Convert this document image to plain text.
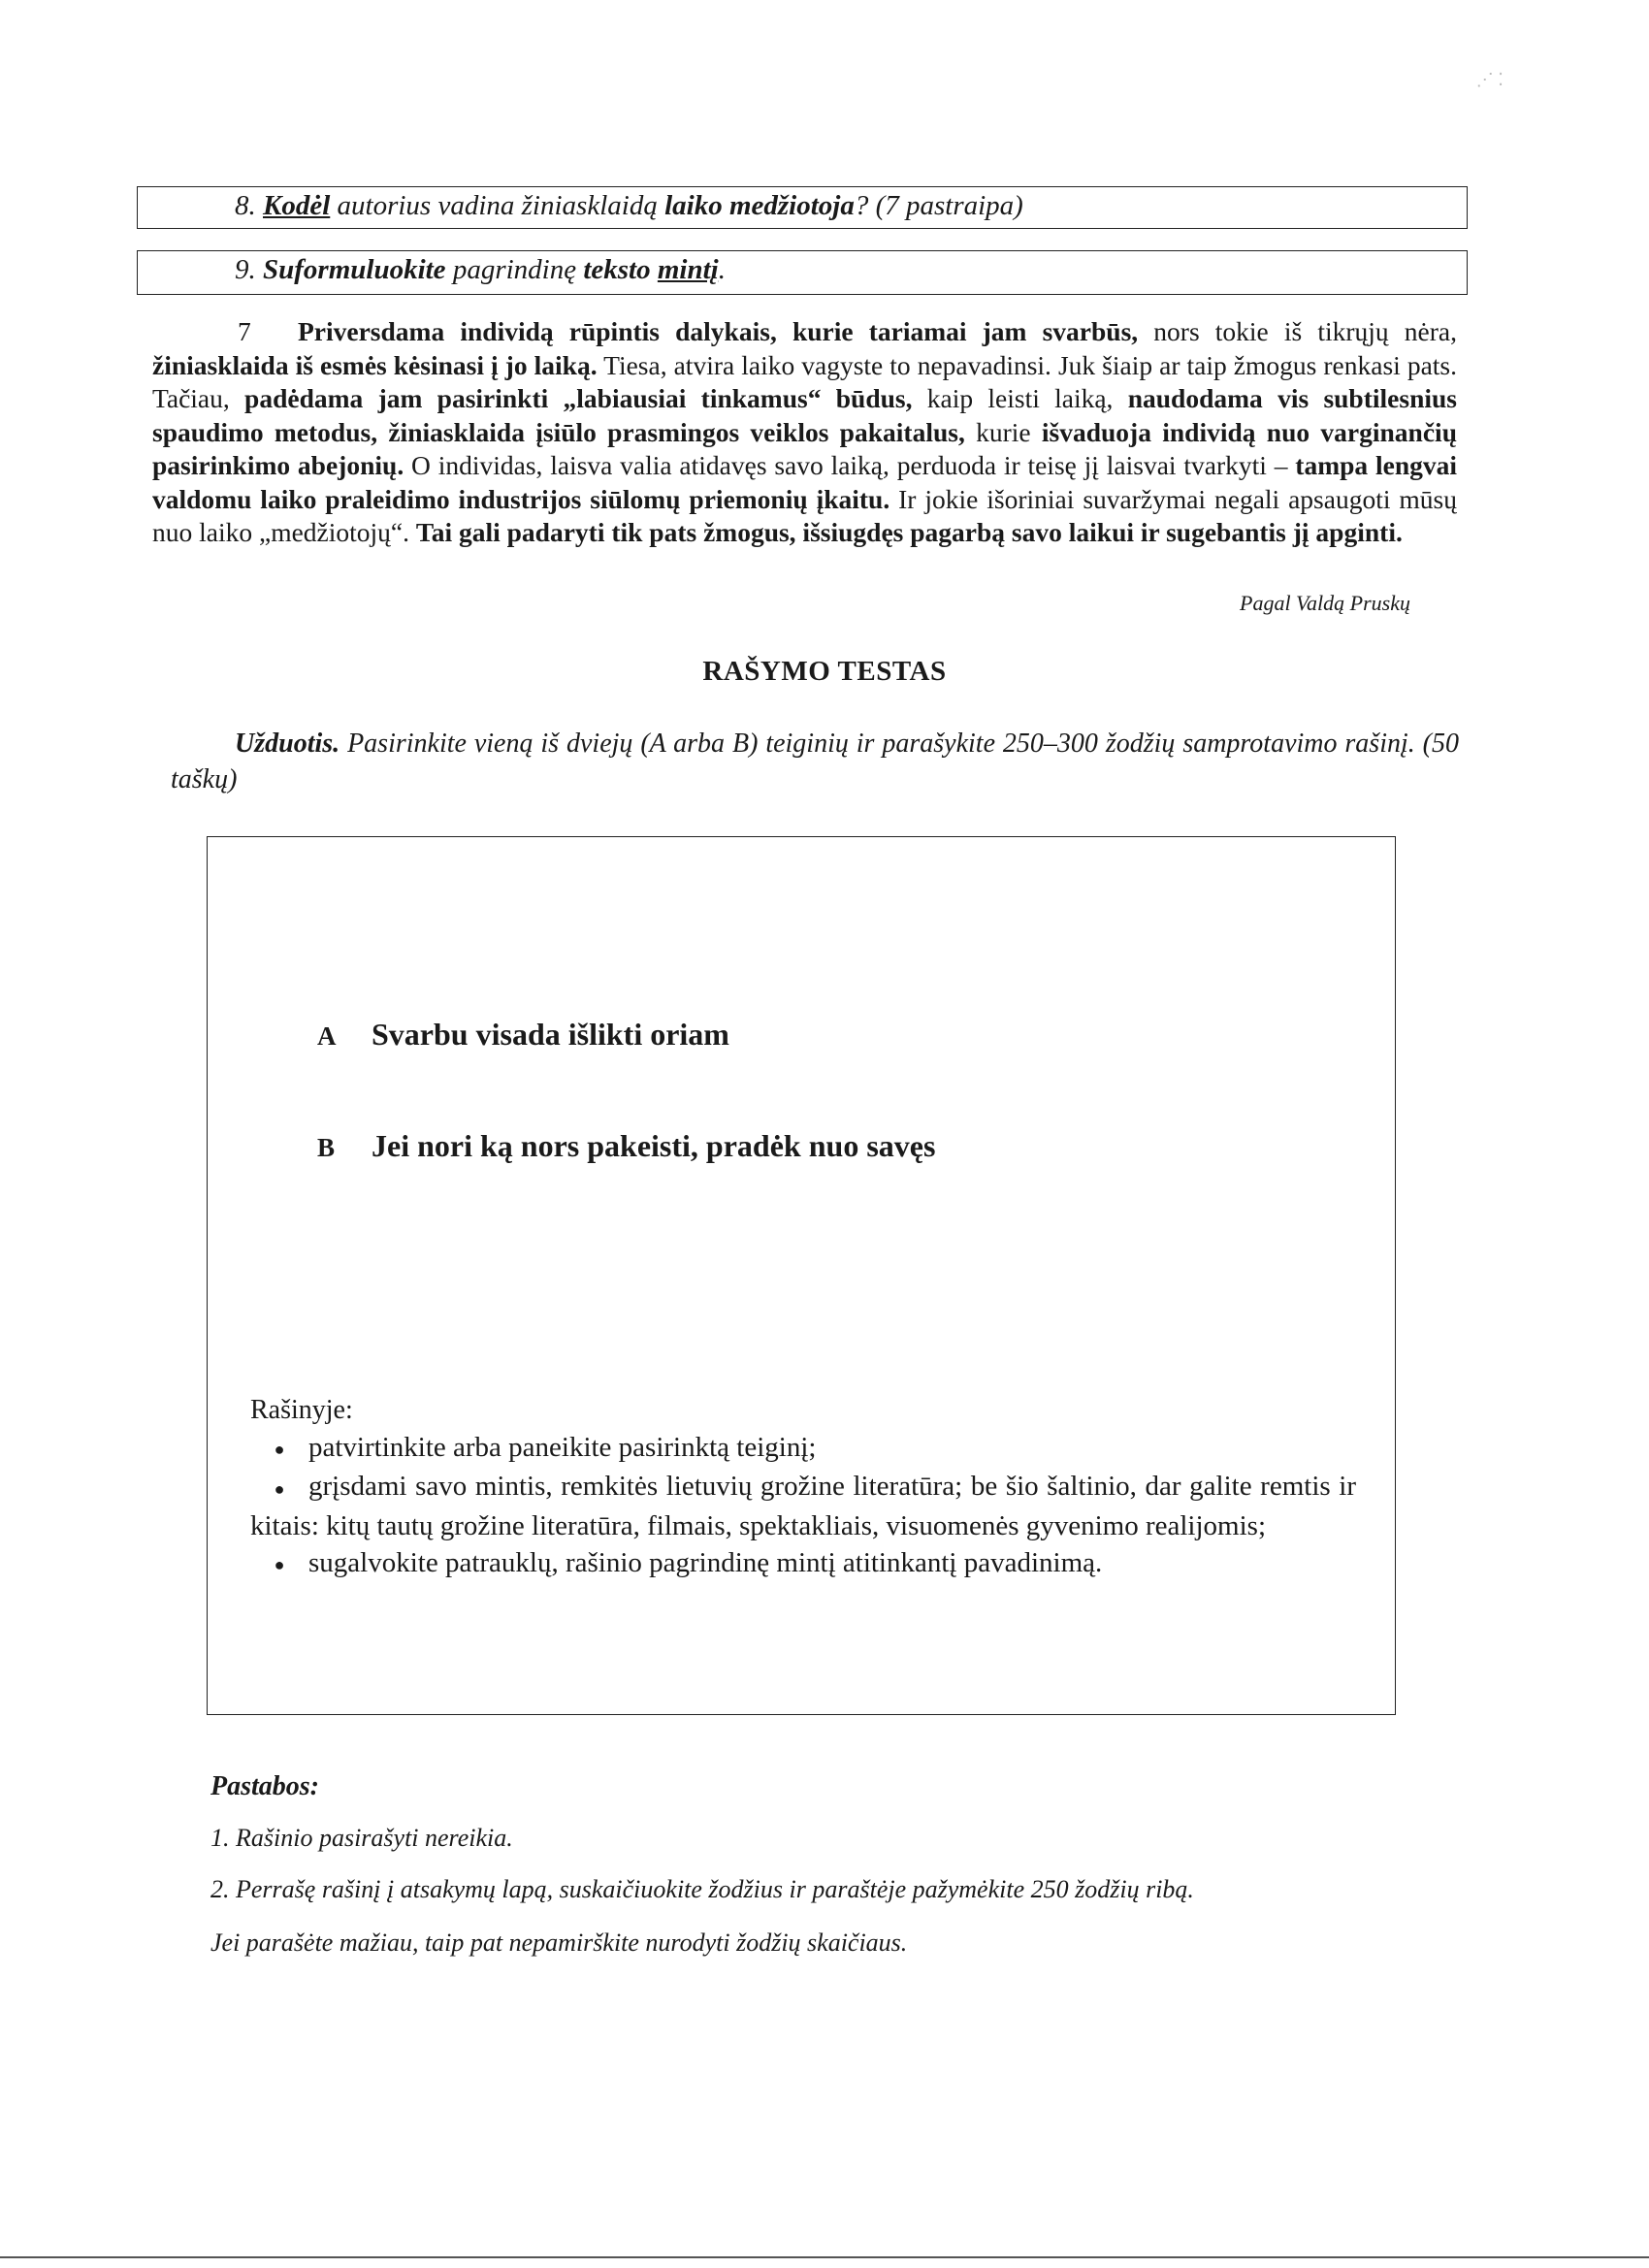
⋰ ⁚
8. Kodėl autorius vadina žiniasklaidą laiko medžiotoja? (7 pastraipa)
9. Suformuluokite pagrindinę teksto mintį.
7 Priversdama individą rūpintis dalykais, kurie tariamai jam svarbūs, nors tokie iš tikrųjų nėra, žiniasklaida iš esmės kėsinasi į jo laiką. Tiesa, atvira laiko vagyste to nepavadinsi. Juk šiaip ar taip žmogus renkasi pats. Tačiau, padėdama jam pasirinkti „labiausiai tinkamus“ būdus, kaip leisti laiką, naudodama vis subtilesnius spaudimo metodus, žiniasklaida įsiūlo prasmingos veiklos pakaitalus, kurie išvaduoja individą nuo varginančių pasirinkimo abejonių. O individas, laisva valia atidavęs savo laiką, perduoda ir teisę jį laisvai tvarkyti – tampa lengvai valdomu laiko praleidimo industrijos siūlomų priemonių įkaitu. Ir jokie išoriniai suvaržymai negali apsaugoti mūsų nuo laiko „medžiotojų“. Tai gali padaryti tik pats žmogus, išsiugdęs pagarbą savo laikui ir sugebantis jį apginti.
Pagal Valdą Pruskų
RAŠYMO TESTAS
Užduotis. Pasirinkite vieną iš dviejų (A arba B) teiginių ir parašykite 250–300 žodžių samprotavimo rašinį. (50 taškų)
A Svarbu visada išlikti oriam
B Jei nori ką nors pakeisti, pradėk nuo savęs
Rašinyje:
● patvirtinkite arba paneikite pasirinktą teiginį;
● grįsdami savo mintis, remkitės lietuvių grožine literatūra; be šio šaltinio, dar galite remtis ir kitais: kitų tautų grožine literatūra, filmais, spektakliais, visuomenės gyvenimo realijomis;
● sugalvokite patrauklų, rašinio pagrindinę mintį atitinkantį pavadinimą.
Pastabos:
1. Rašinio pasirašyti nereikia.
2. Perrašę rašinį į atsakymų lapą, suskaičiuokite žodžius ir paraštėje pažymėkite 250 žodžių ribą.
Jei parašėte mažiau, taip pat nepamirškite nurodyti žodžių skaičiaus.
